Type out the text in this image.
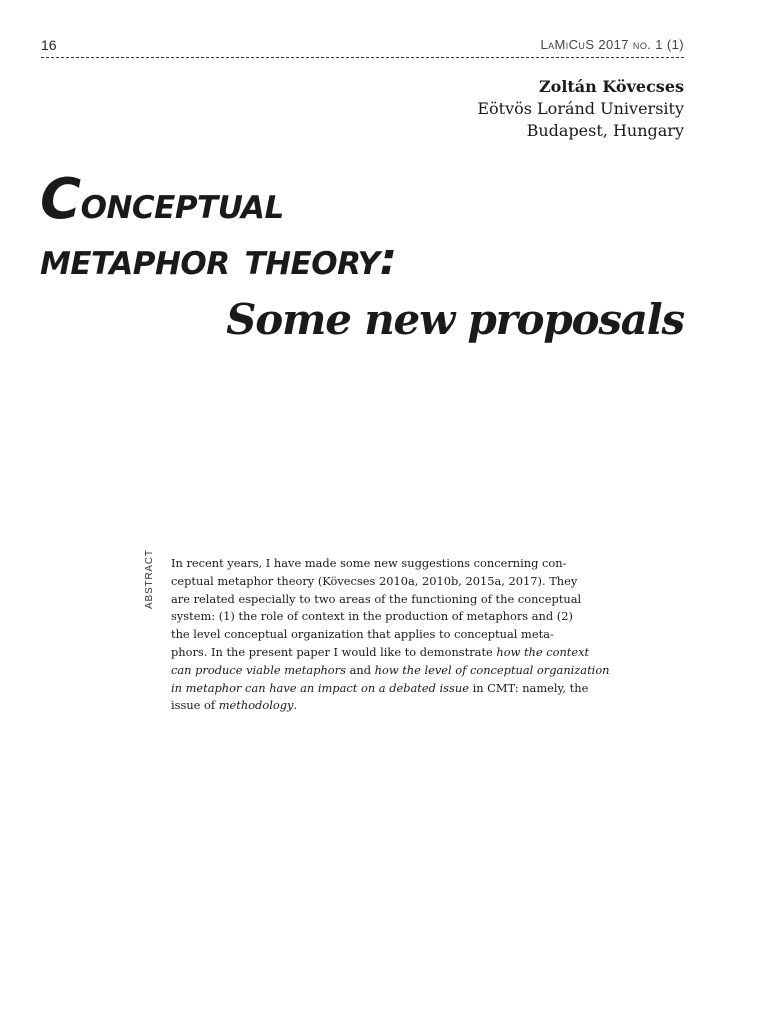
16	LaMiCuS 2017 no. 1 (1)
Zoltán Kövecses
Eötvös Loránd University
Budapest, Hungary
Conceptual
metaphor theory:
Some new proposals
ABSTRACT In recent years, I have made some new suggestions concerning con-
ceptual metaphor theory (Kövecses 2010a, 2010b, 2015a, 2017). They
are related especially to two areas of the functioning of the conceptual
system: (1) the role of context in the production of metaphors and (2)
the level conceptual organization that applies to conceptual meta-
phors. In the present paper I would like to demonstrate how the context
can produce viable metaphors and how the level of conceptual organization
in metaphor can have an impact on a debated issue in CMT: namely, the
issue of methodology.
